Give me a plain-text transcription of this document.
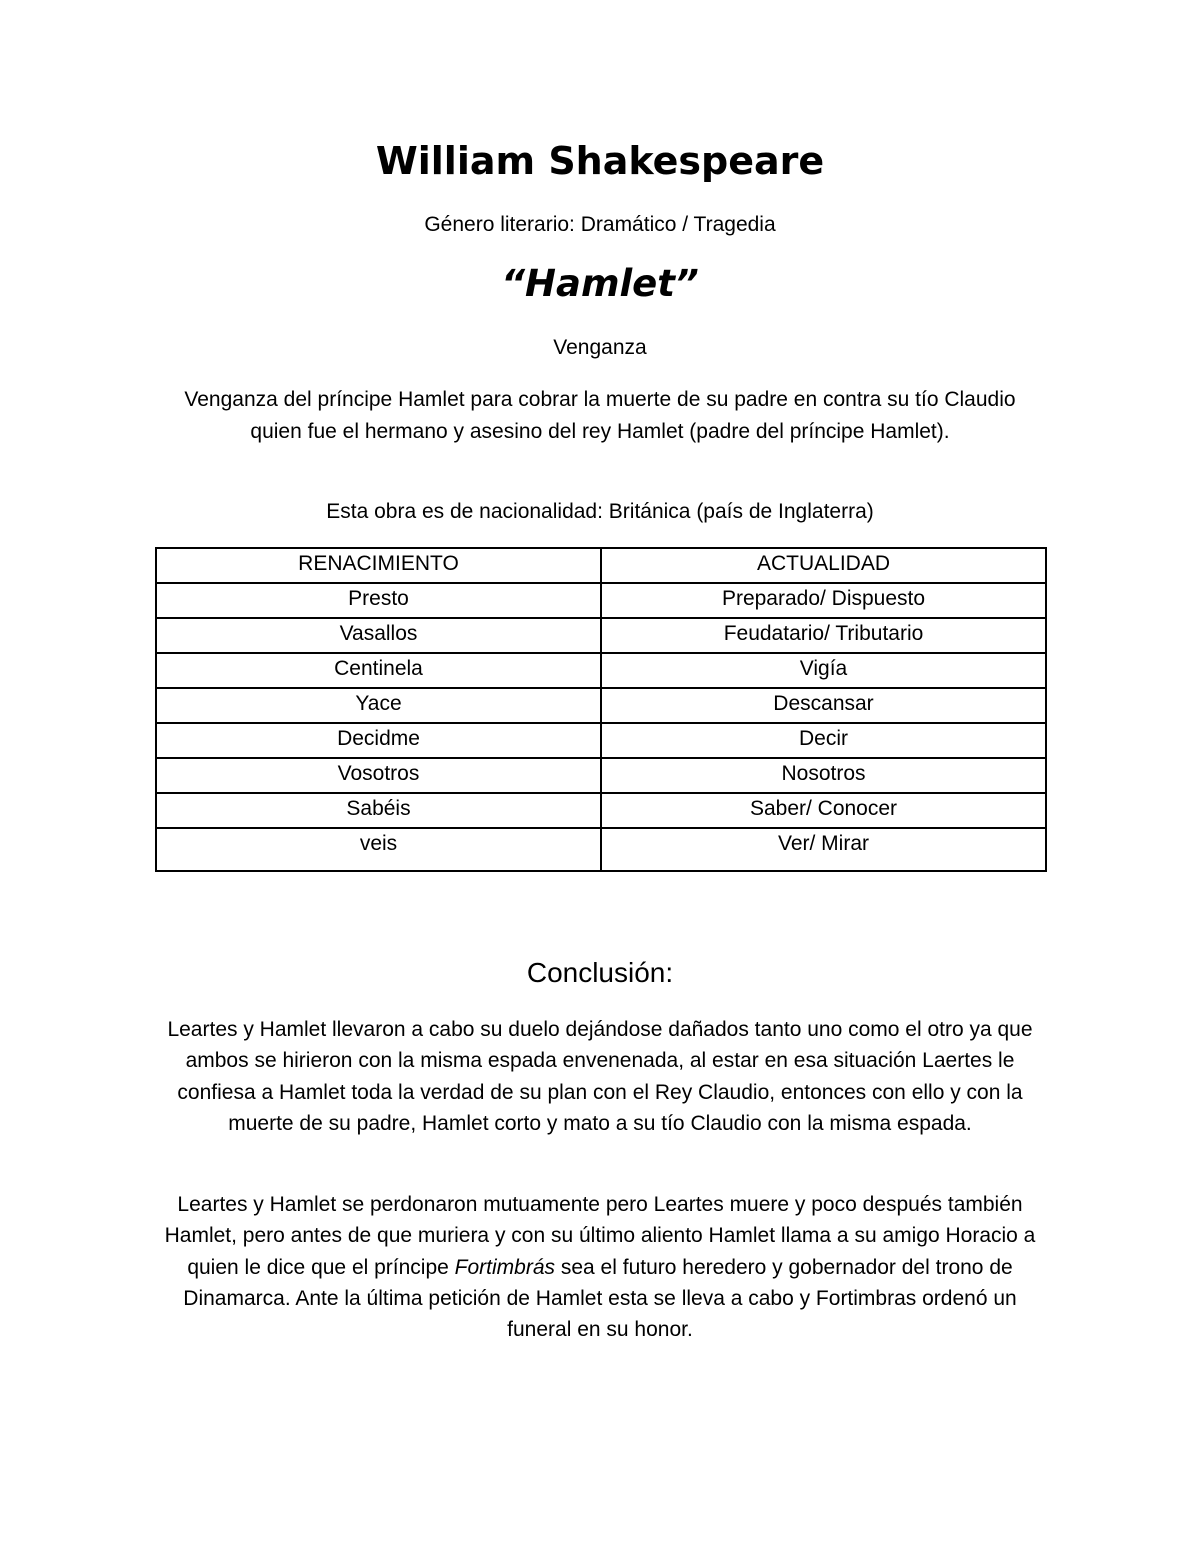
William Shakespeare

Género literario: Dramático / Tragedia

“Hamlet”

Venganza

Venganza del príncipe Hamlet para cobrar la muerte de su padre en contra su tío Claudio quien fue el hermano y asesino del rey Hamlet (padre del príncipe Hamlet).

Esta obra es de nacionalidad: Británica (país de Inglaterra)

RENACIMIENTO	ACTUALIDAD
Presto	Preparado/ Dispuesto
Vasallos	Feudatario/ Tributario
Centinela	Vigía
Yace	Descansar
Decidme	Decir
Vosotros	Nosotros
Sabéis	Saber/ Conocer
veis	Ver/ Mirar
Conclusión:

Leartes y Hamlet llevaron a cabo su duelo dejándose dañados tanto uno como el otro ya que ambos se hirieron con la misma espada envenenada, al estar en esa situación Laertes le confiesa a Hamlet toda la verdad de su plan con el Rey Claudio, entonces con ello y con la muerte de su padre, Hamlet corto y mato a su tío Claudio con la misma espada.

Leartes y Hamlet se perdonaron mutuamente pero Leartes muere y poco después también Hamlet, pero antes de que muriera y con su último aliento Hamlet llama a su amigo Horacio a quien le dice que el príncipe Fortimbrás sea el futuro heredero y gobernador del trono de Dinamarca. Ante la última petición de Hamlet esta se lleva a cabo y Fortimbras ordenó un funeral en su honor.
